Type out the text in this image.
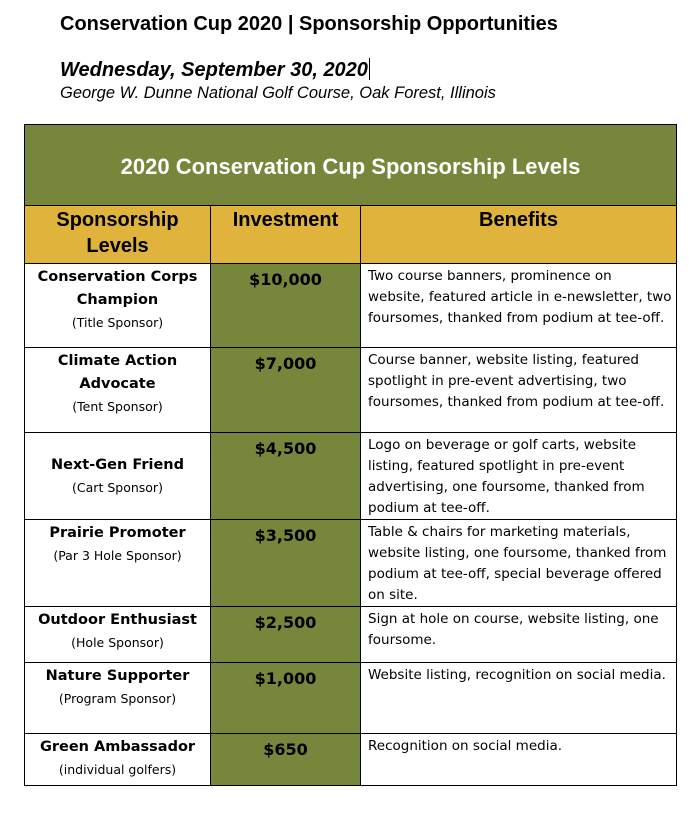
Conservation Cup 2020 | Sponsorship Opportunities

Wednesday, September 30, 2020
George W. Dunne National Golf Course, Oak Forest, Illinois
2020 Conservation Cup Sponsorship Levels		

Sponsorship Levels	Investment	Benefits

Conservation Corps Champion
(Title Sponsor)	$10,000	Two course banners, prominence on website, featured article in e-newsletter, two foursomes, thanked from podium at tee-off.

Climate Action Advocate
(Tent Sponsor)	$7,000	Course banner, website listing, featured spotlight in pre-event advertising, two foursomes, thanked from podium at tee-off.

Next-Gen Friend
(Cart Sponsor)	$4,500	Logo on beverage or golf carts, website listing, featured spotlight in pre-event advertising, one foursome, thanked from podium at tee-off.

Prairie Promoter
(Par 3 Hole Sponsor)	$3,500	Table & chairs for marketing materials, website listing, one foursome, thanked from podium at tee-off, special beverage offered on site.

Outdoor Enthusiast
(Hole Sponsor)	$2,500	Sign at hole on course, website listing, one foursome.

Nature Supporter
(Program Sponsor)	$1,000	Website listing, recognition on social media.

Green Ambassador
(individual golfers)	$650	Recognition on social media.
